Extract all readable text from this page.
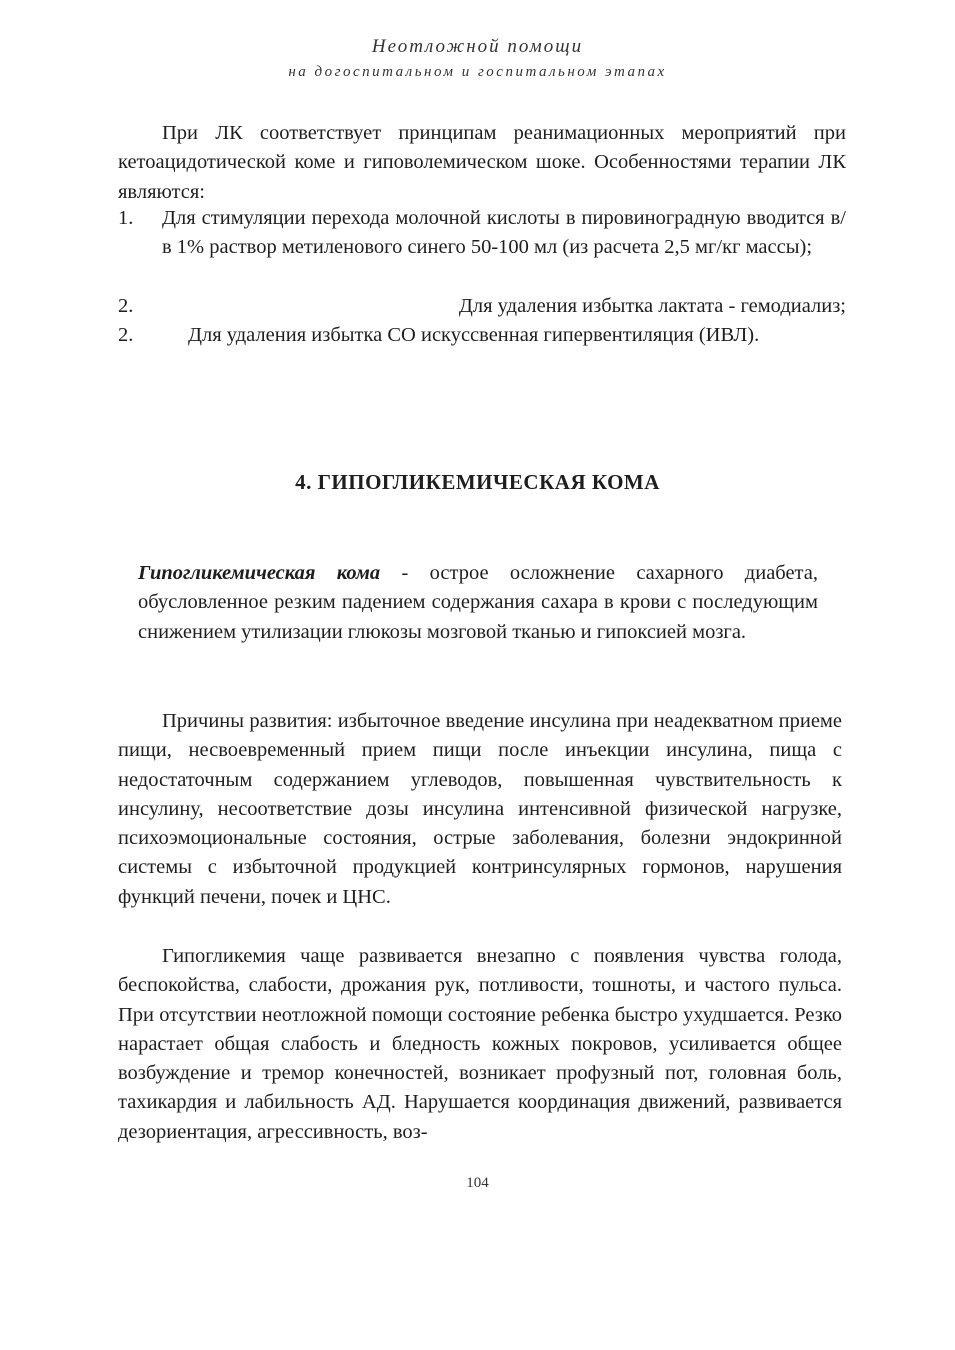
Неотложной помощи
на догоспитальном и госпитальном этапах

При ЛК соответствует принципам реанимационных мероприятий при кетоацидотической коме и гиповолемическом шоке. Особенностями терапии ЛК являются:

1. Для стимуляции перехода молочной кислоты в пировиноградную вводится в/в 1% раствор метиленового синего 50-100 мл (из расчета 2,5 мг/кг массы);

2.	Для удаления избытка лактата - гемодиализ;

2.	Для удаления избытка СО искуссвенная гипервентиляция (ИВЛ).

4. ГИПОГЛИКЕМИЧЕСКАЯ КОМА

Гипогликемическая кома - острое осложнение сахарного диабета, обусловленное резким падением содержания сахара в крови с последующим снижением утилизации глюкозы мозговой тканью и гипоксией мозга.

Причины развития: избыточное введение инсулина при неадекватном приеме пищи, несвоевременный прием пищи после инъекции инсулина, пища с недостаточным содержанием углеводов, повышенная чувствительность к инсулину, несоответствие дозы инсулина интенсивной физической нагрузке, психоэмоциональные состояния, острые заболевания, болезни эндокринной системы с избыточной продукцией контринсулярных гормонов, нарушения функций печени, почек и ЦНС.

Гипогликемия чаще развивается внезапно с появления чувства голода, беспокойства, слабости, дрожания рук, потливости, тошноты, и частого пульса. При отсутствии неотложной помощи состояние ребенка быстро ухудшается. Резко нарастает общая слабость и бледность кожных покровов, усиливается общее возбуждение и тремор конечностей, возникает профузный пот, головная боль, тахикардия и лабильность АД. Нарушается координация движений, развивается дезориентация, агрессивность, воз-

104
